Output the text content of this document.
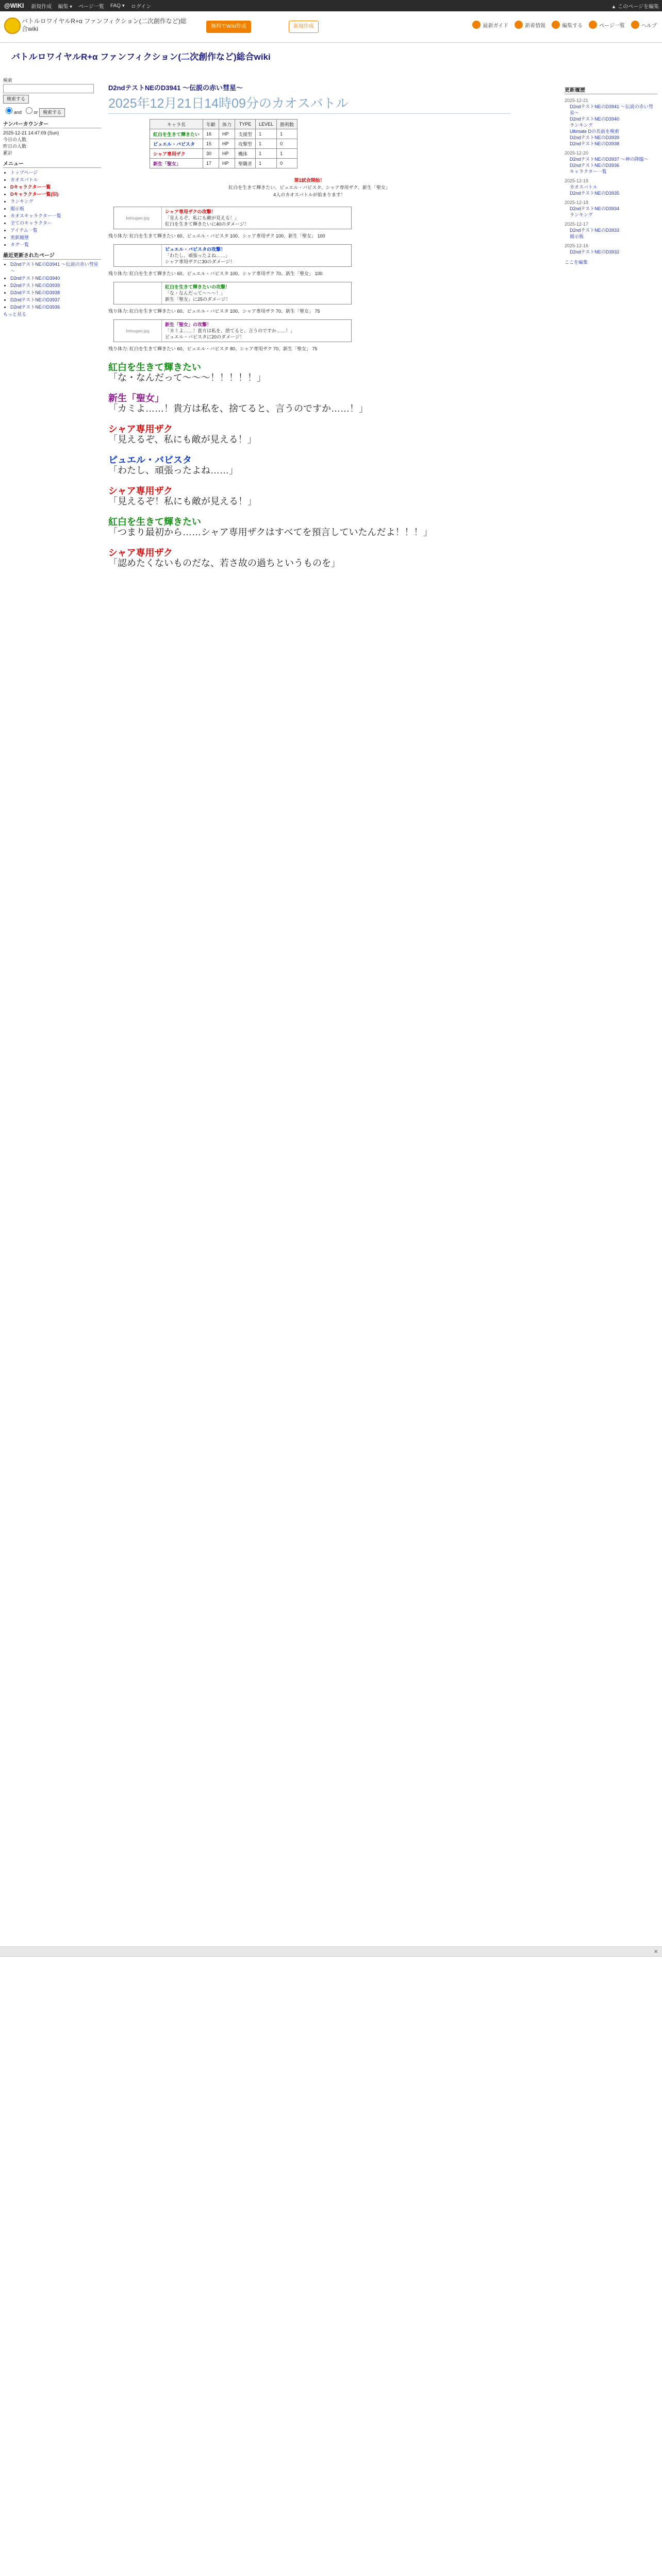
@WIKI	新規作成	編集 ▾	ページ一覧	FAQ ▾	ログイン	▲ このページを編集
バトルロワイヤルR+α ファンフィクション(二次創作など)総合wiki	無料でWiki作成	新規作成	最新ガイド	新着情報	編集する	ページ一覧	ヘルプ
バトルロワイヤルR+α ファンフィクション(二次創作など)総合wiki
検索
検索する
and	or 検索する
ナンバーカウンター
2025-12-21 14:47:09 (Sun)
今日の人数
昨日の人数
累計
メニュー
• トップページ
• カオスバトル
• Dキャラクター一覧
• Dキャラクター一覧(旧)
• ランキング
• 掲示板
• カオスキャラクター一覧
• 全てのキャラクター
• アイテム一覧
• 更新履歴
• タグ一覧
最近更新されたページ
• D2ndテストNEのD3941 ～伝説の赤い彗星～
• D2ndテストNEのD3940
• D2ndテストNEのD3939
• D2ndテストNEのD3938
• D2ndテストNEのD3937
• D2ndテストNEのD3936
もっと見る
D2ndテストNEのD3941 ～伝説の赤い彗星～
2025年12月21日14時09分のカオスバトル
キャラ名	年齢	体力	TYPE	LEVEL	勝利数
紅白を生きて輝きたい	16	HP	支援型	1	1
ピュエル・バビスタ	15	HP	攻撃型	1	0
シャア専用ザク	30	HP	機体	1	1
新生「聖女」	17	HP	聖職者	1	0
第1試合開始！
紅白を生きて輝きたい、ピュエル・バビスタ、シャア専用ザク、新生「聖女」
4人のカオスバトルが始まります！
ketsugao.jpg
シャア専用ザクの攻撃！
「見えるぞ、私にも敵が見える！」
紅白を生きて輝きたいに40のダメージ！
残り体力: 紅白を生きて輝きたい 60、ピュエル・バビスタ 100、シャア専用ザク 100、新生「聖女」 100
ピュエル・バビスタの攻撃！
「わたし、頑張ったよね……」
シャア専用ザクに30のダメージ！
残り体力: 紅白を生きて輝きたい 60、ピュエル・バビスタ 100、シャア専用ザク 70、新生「聖女」 100
紅白を生きて輝きたいの攻撃！
「な・なんだって～～～！」
新生「聖女」に25のダメージ！
残り体力: 紅白を生きて輝きたい 60、ピュエル・バビスタ 100、シャア専用ザク 70、新生「聖女」 75
ketsugao.jpg
新生「聖女」の攻撃！
「カミよ……！貴方は私を、捨てると、言うのですか……！」
ピュエル・バビスタに20のダメージ！
残り体力: 紅白を生きて輝きたい 60、ピュエル・バビスタ 80、シャア専用ザク 70、新生「聖女」 75
紅白を生きて輝きたい
「な・なんだって～～～！！！！！」
新生「聖女」
「カミよ……！貴方は私を、捨てると、言うのですか……！」
シャア専用ザク
「見えるぞ、私にも敵が見える！」
ピュエル・バビスタ
「わたし、頑張ったよね……」
シャア専用ザク
「見えるぞ！私にも敵が見える！」
紅白を生きて輝きたい
「つまり最初から……シャア専用ザクはすべてを預言していたんだよ！！！」
シャア専用ザク
「認めたくないものだな、若さ故の過ちというものを」
×
更新履歴
2025-12-21
D2ndテストNEのD3941 ～伝説の赤い彗星～
D2ndテストNEのD3940
ランキング
Ultimate Dの名前を検索
D2ndテストNEのD3939
D2ndテストNEのD3938
2025-12-20
D2ndテストNEのD3937 ～神の降臨～
D2ndテストNEのD3936
キャラクター一覧
2025-12-19
カオスバトル
D2ndテストNEのD3935
2025-12-18
D2ndテストNEのD3934
ランキング
2025-12-17
D2ndテストNEのD3933
掲示板
2025-12-16
D2ndテストNEのD3932
ここを編集
